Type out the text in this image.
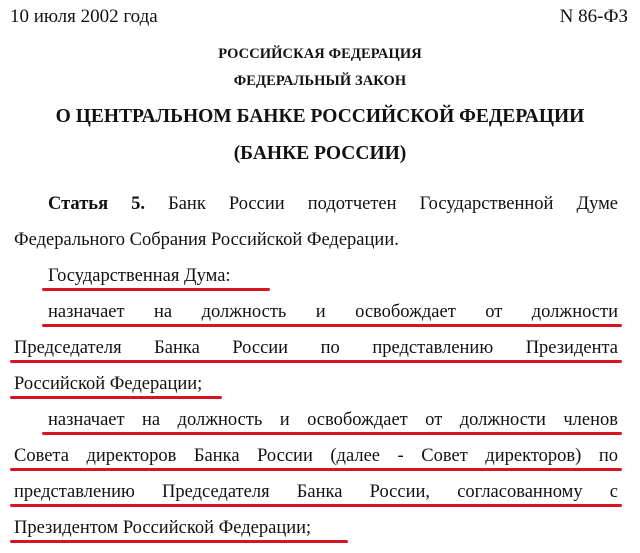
10 июля 2002 года	N 86-ФЗ
РОССИЙСКАЯ ФЕДЕРАЦИЯ
ФЕДЕРАЛЬНЫЙ ЗАКОН
О ЦЕНТРАЛЬНОМ БАНКЕ РОССИЙСКОЙ ФЕДЕРАЦИИ
(БАНКЕ РОССИИ)
Статья 5. Банк России подотчетен Государственной Думе
Федерального Собрания Российской Федерации.
Государственная Дума:
назначает на должность и освобождает от должности
Председателя Банка России по представлению Президента
Российской Федерации;
назначает на должность и освобождает от должности членов
Совета директоров Банка России (далее - Совет директоров) по
представлению Председателя Банка России, согласованному с
Президентом Российской Федерации;
